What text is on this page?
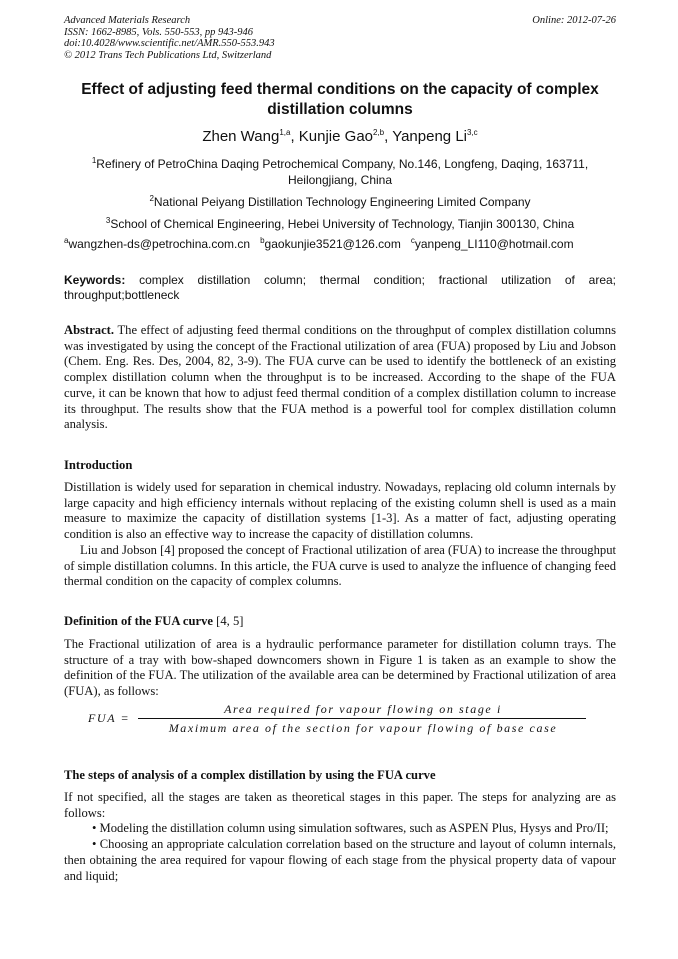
Advanced Materials Research
ISSN: 1662-8985, Vols. 550-553, pp 943-946
doi:10.4028/www.scientific.net/AMR.550-553.943
© 2012 Trans Tech Publications Ltd, Switzerland
Online: 2012-07-26
Effect of adjusting feed thermal conditions on the capacity of complex distillation columns
Zhen Wang$^{1,a}$, Kunjie Gao$^{2,b}$, Yanpeng Li$^{3,c}$
$^1$Refinery of PetroChina Daqing Petrochemical Company, No.146, Longfeng, Daqing, 163711, Heilongjiang, China
$^2$National Peiyang Distillation Technology Engineering Limited Company
$^3$School of Chemical Engineering, Hebei University of Technology, Tianjin 300130, China
$^a$wangzhen-ds@petrochina.com.cn $^b$gaokunjie3521@126.com $^c$yanpeng_LI110@hotmail.com
Keywords: complex distillation column; thermal condition; fractional utilization of area; throughput;bottleneck
Abstract. The effect of adjusting feed thermal conditions on the throughput of complex distillation columns was investigated by using the concept of the Fractional utilization of area (FUA) proposed by Liu and Jobson (Chem. Eng. Res. Des, 2004, 82, 3-9). The FUA curve can be used to identify the bottleneck of an existing complex distillation column when the throughput is to be increased. According to the shape of the FUA curve, it can be known that how to adjust feed thermal condition of a complex distillation column to increase its throughput. The results show that the FUA method is a powerful tool for complex distillation column analysis.
Introduction
Distillation is widely used for separation in chemical industry. Nowadays, replacing old column internals by large capacity and high efficiency internals without replacing of the existing column shell is used as a main measure to maximize the capacity of distillation systems [1-3]. As a matter of fact, adjusting operating condition is also an effective way to increase the capacity of distillation columns.
Liu and Jobson [4] proposed the concept of Fractional utilization of area (FUA) to increase the throughput of simple distillation columns. In this article, the FUA curve is used to analyze the influence of changing feed thermal condition on the capacity of complex columns.
Definition of the FUA curve [4, 5]
The Fractional utilization of area is a hydraulic performance parameter for distillation column trays. The structure of a tray with bow-shaped downcomers shown in Figure 1 is taken as an example to show the definition of the FUA. The utilization of the available area can be determined by Fractional utilization of area (FUA), as follows:
FUA =
Area required for vapour flowing on stage i
Maximum area of the section for vapour flowing of base case
The steps of analysis of a complex distillation by using the FUA curve
If not specified, all the stages are taken as theoretical stages in this paper. The steps for analyzing are as follows:
• Modeling the distillation column using simulation softwares, such as ASPEN Plus, Hysys and Pro/II;
• Choosing an appropriate calculation correlation based on the structure and layout of column internals, then obtaining the area required for vapour flowing of each stage from the physical property data of vapour and liquid;
